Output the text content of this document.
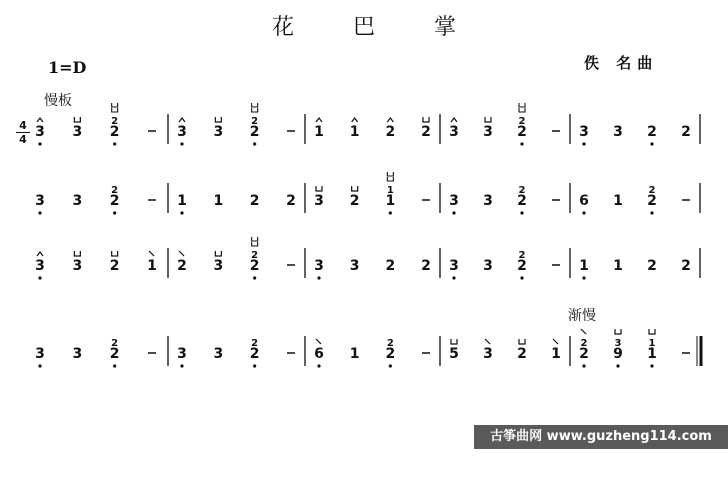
花 巴 掌
1=D	佚 名曲
慢板
渐慢
4
4 3 3
2
2	3 3
2
2	1 1 2 2 3 3
2
2	3 3 2 2
3 3
2
2	1 1 2 2 3 2
1
1	3 3
2
2	6 1
2
2
3 3 2 1 2 3
2
2	3 3 2 2 3 3
2
2	1 1 2 2
3 3
2
2	3 3
2
2	6 1
2
2	5 3 2 1
2
2
3
9
1
1
古筝曲网 www.guzheng114.com
